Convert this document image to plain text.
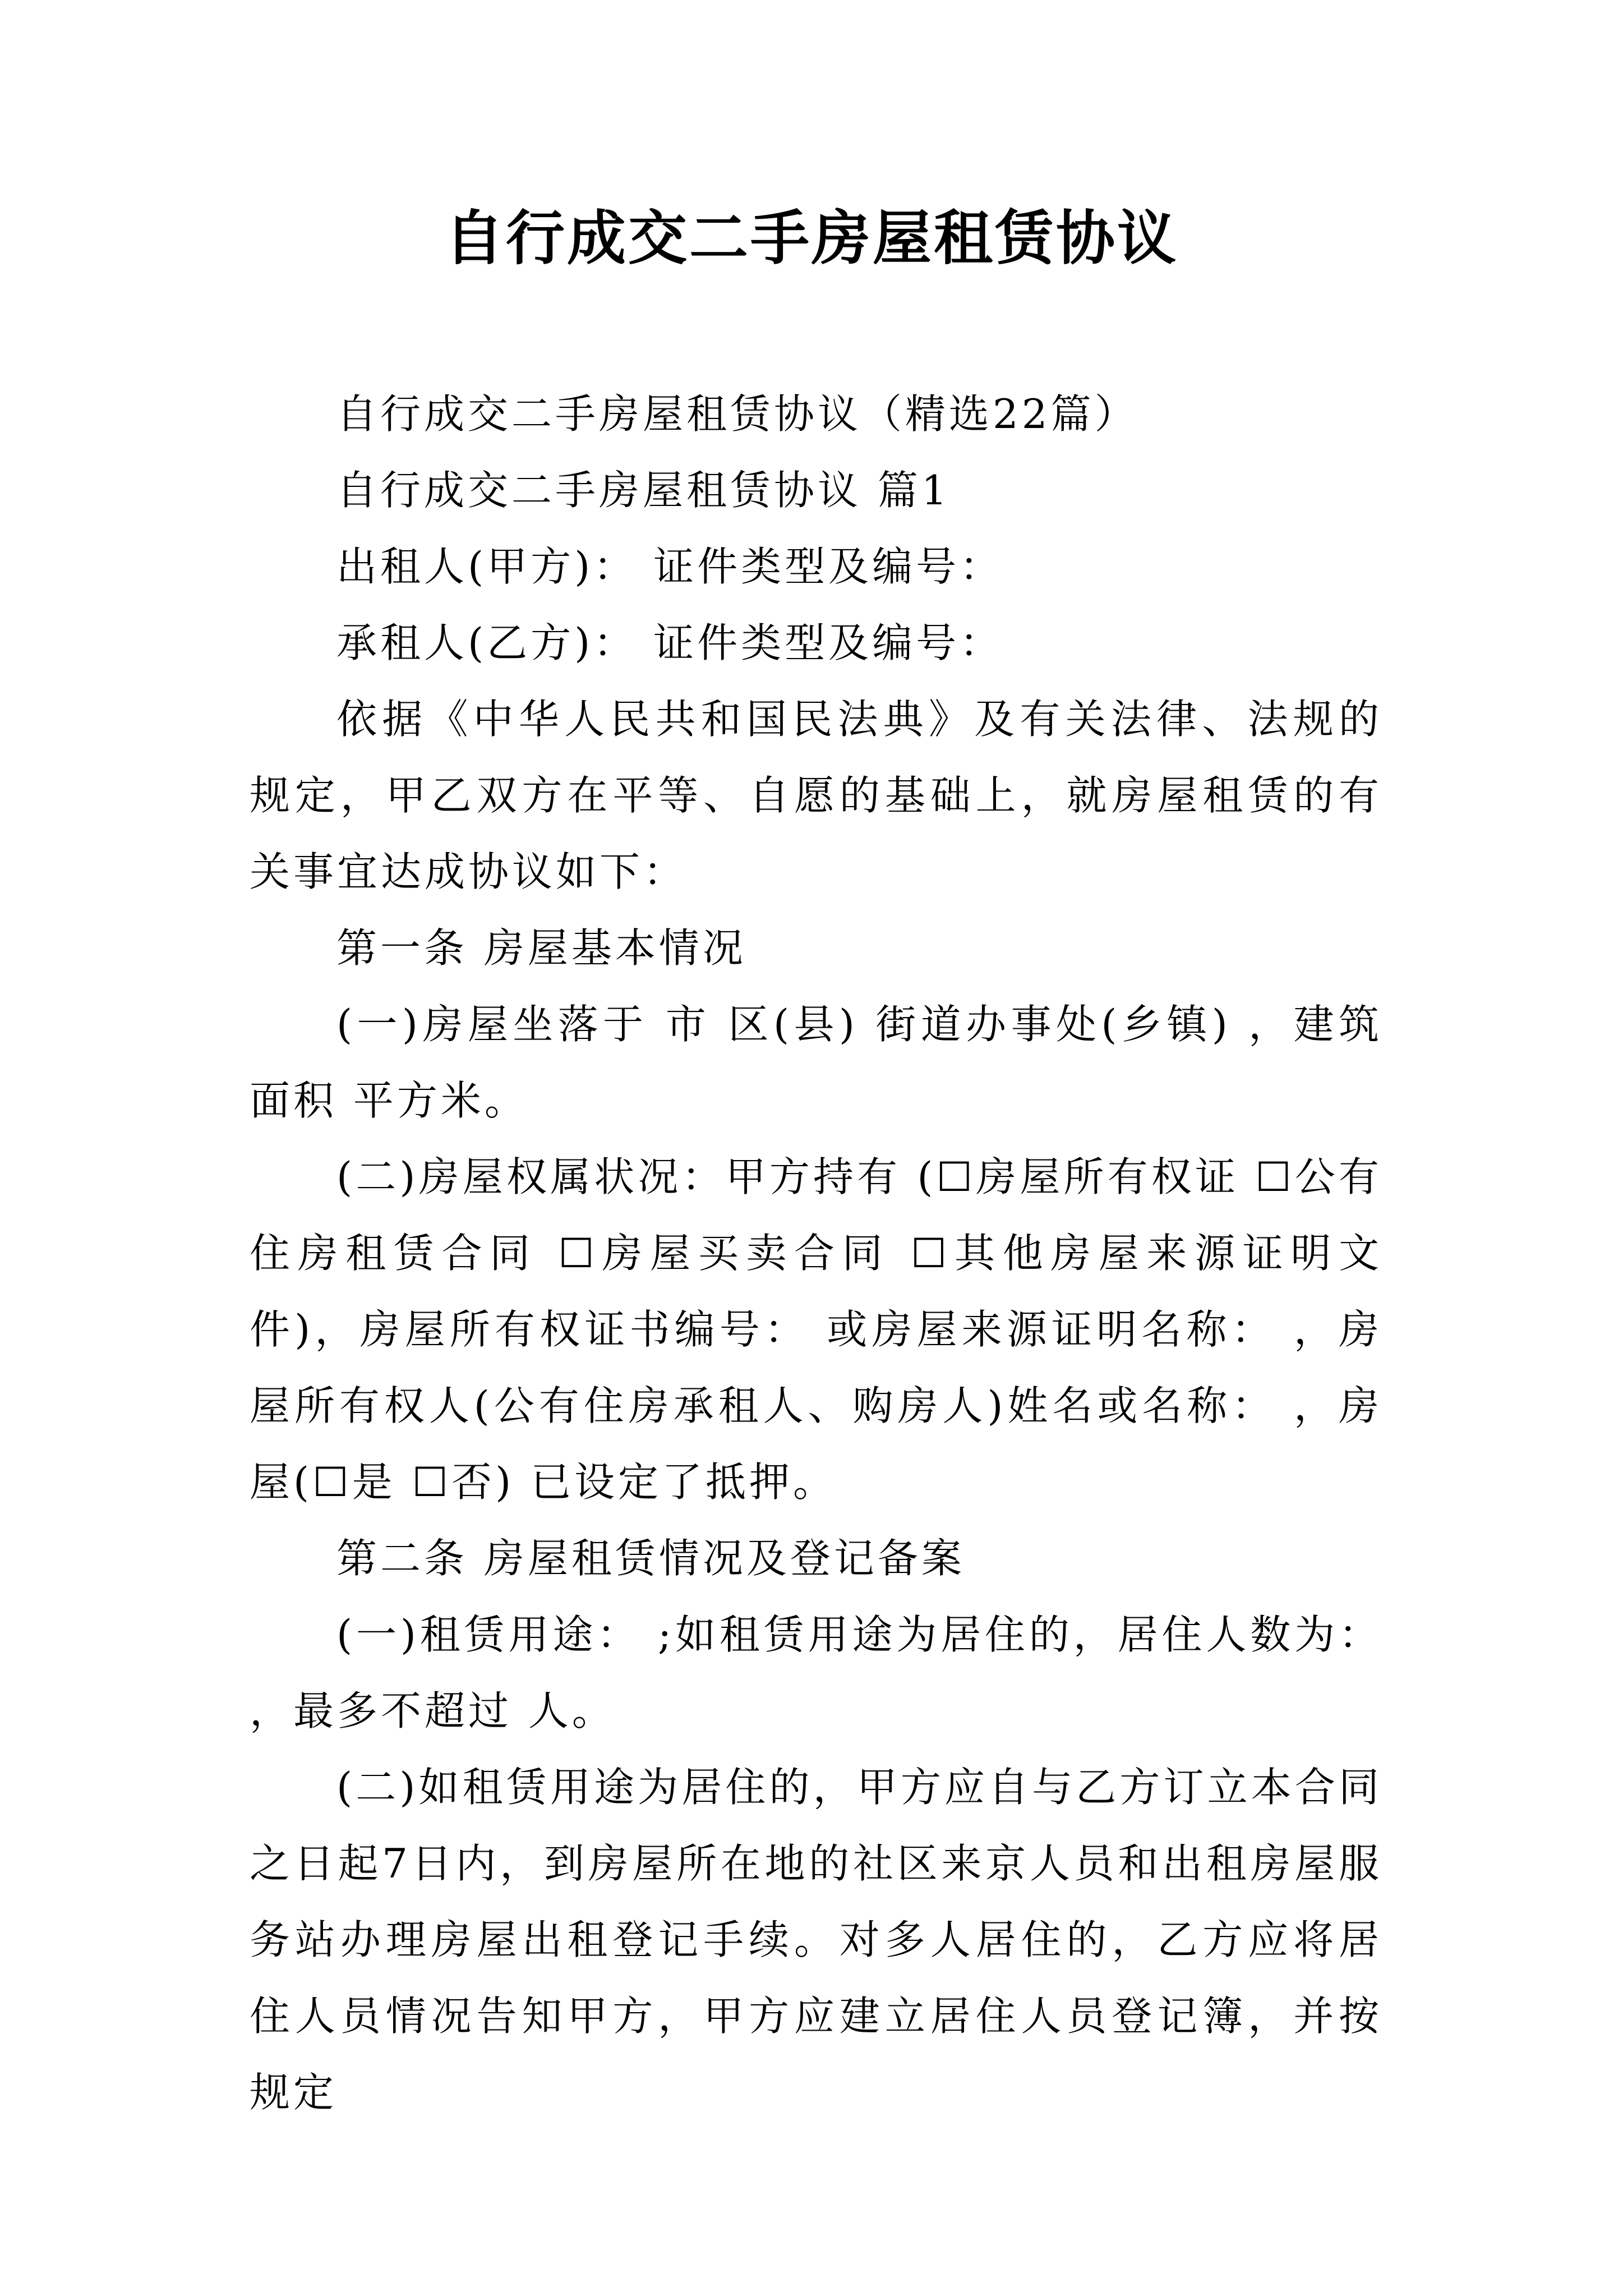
自行成交二手房屋租赁协议

自行成交二手房屋租赁协议（精选22篇）

自行成交二手房屋租赁协议 篇1

出租人(甲方)： 证件类型及编号：

承租人(乙方)： 证件类型及编号：

依据《中华人民共和国民法典》及有关法律、法规的规定，甲乙双方在平等、自愿的基础上，就房屋租赁的有关事宜达成协议如下：

第一条 房屋基本情况

(一)房屋坐落于 市 区(县) 街道办事处(乡镇) ，建筑面积 平方米。

(二)房屋权属状况：甲方持有 (☐房屋所有权证 ☐公有住房租赁合同 ☐房屋买卖合同 ☐其他房屋来源证明文件)，房屋所有权证书编号： 或房屋来源证明名称： ，房屋所有权人(公有住房承租人、购房人)姓名或名称： ，房屋(☐是 ☐否) 已设定了抵押。

第二条 房屋租赁情况及登记备案

(一)租赁用途： ;如租赁用途为居住的，居住人数为： ，最多不超过 人。

(二)如租赁用途为居住的，甲方应自与乙方订立本合同之日起7日内，到房屋所在地的社区来京人员和出租房屋服务站办理房屋出租登记手续。对多人居住的，乙方应将居住人员情况告知甲方，甲方应建立居住人员登记簿，并按规定
